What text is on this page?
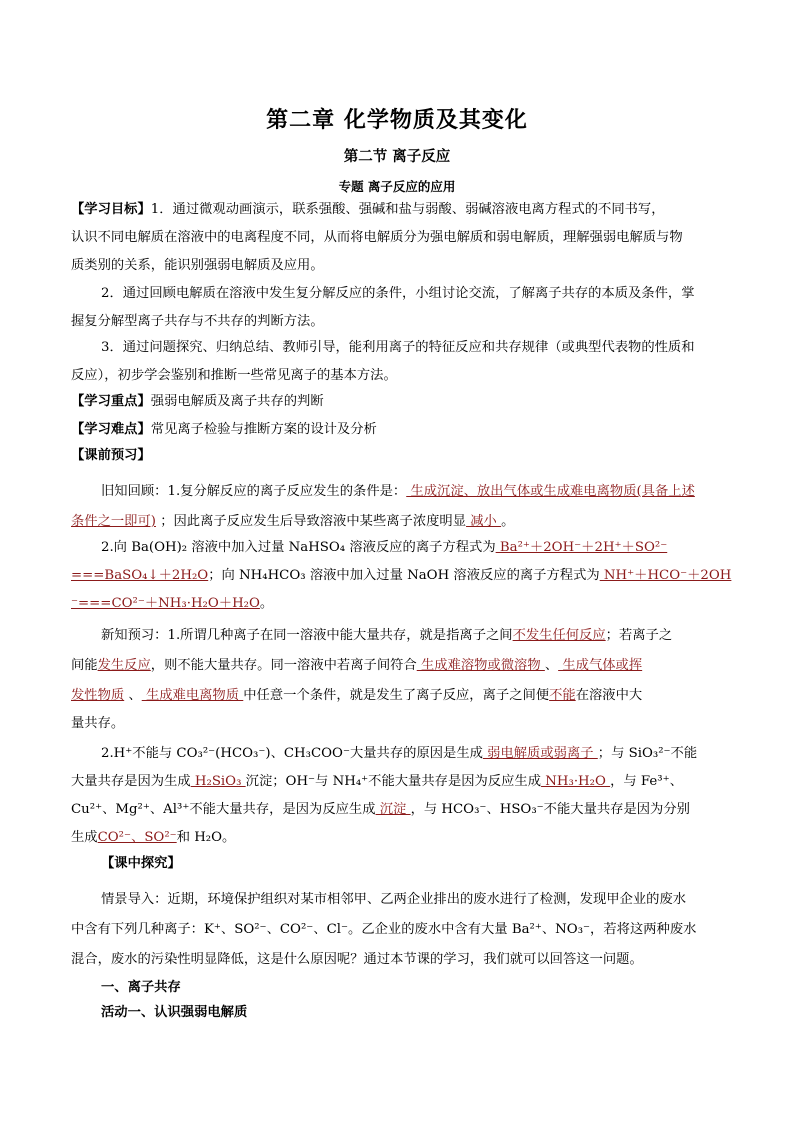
第二章 化学物质及其变化
第二节 离子反应
专题 离子反应的应用
【学习目标】1．通过微观动画演示，联系强酸、强碱和盐与弱酸、弱碱溶液电离方程式的不同书写，
认识不同电解质在溶液中的电离程度不同，从而将电解质分为强电解质和弱电解质，理解强弱电解质与物
质类别的关系，能识别强弱电解质及应用。
2．通过回顾电解质在溶液中发生复分解反应的条件，小组讨论交流，了解离子共存的本质及条件，掌
握复分解型离子共存与不共存的判断方法。
3．通过问题探究、归纳总结、教师引导，能利用离子的特征反应和共存规律（或典型代表物的性质和
反应），初步学会鉴别和推断一些常见离子的基本方法。
【学习重点】强弱电解质及离子共存的判断
【学习难点】常见离子检验与推断方案的设计及分析
【课前预习】
旧知回顾：1.复分解反应的离子反应发生的条件是： 生成沉淀、放出气体或生成难电离物质(具备上述
条件之一即可) ；因此离子反应发生后导致溶液中某些离子浓度明显 减小 。
2.向 Ba(OH)₂ 溶液中加入过量 NaHSO₄ 溶液反应的离子方程式为 Ba²⁺＋2OH⁻＋2H⁺＋SO²⁻
===BaSO₄↓＋2H₂O；向 NH₄HCO₃ 溶液中加入过量 NaOH 溶液反应的离子方程式为 NH⁺＋HCO⁻＋2OH
⁻===CO²⁻＋NH₃·H₂O＋H₂O。
新知预习：1.所谓几种离子在同一溶液中能大量共存，就是指离子之间不发生任何反应；若离子之
间能发生反应，则不能大量共存。同一溶液中若离子间符合 生成难溶物或微溶物 、 生成气体或挥
发性物质 、 生成难电离物质 中任意一个条件，就是发生了离子反应，离子之间便不能在溶液中大
量共存。
2.H⁺不能与 CO₃²⁻(HCO₃⁻)、CH₃COO⁻大量共存的原因是生成 弱电解质或弱离子 ；与 SiO₃²⁻不能
大量共存是因为生成 H₂SiO₃ 沉淀；OH⁻与 NH₄⁺不能大量共存是因为反应生成 NH₃·H₂O ，与 Fe³⁺、
Cu²⁺、Mg²⁺、Al³⁺不能大量共存，是因为反应生成 沉淀 ，与 HCO₃⁻、HSO₃⁻不能大量共存是因为分别
生成CO²⁻、SO²⁻和 H₂O。
【课中探究】
情景导入：近期，环境保护组织对某市相邻甲、乙两企业排出的废水进行了检测，发现甲企业的废水
中含有下列几种离子：K⁺、SO²⁻、CO²⁻、Cl⁻。乙企业的废水中含有大量 Ba²⁺、NO₃⁻，若将这两种废水
混合，废水的污染性明显降低，这是什么原因呢？通过本节课的学习，我们就可以回答这一问题。
一、离子共存
活动一、认识强弱电解质
